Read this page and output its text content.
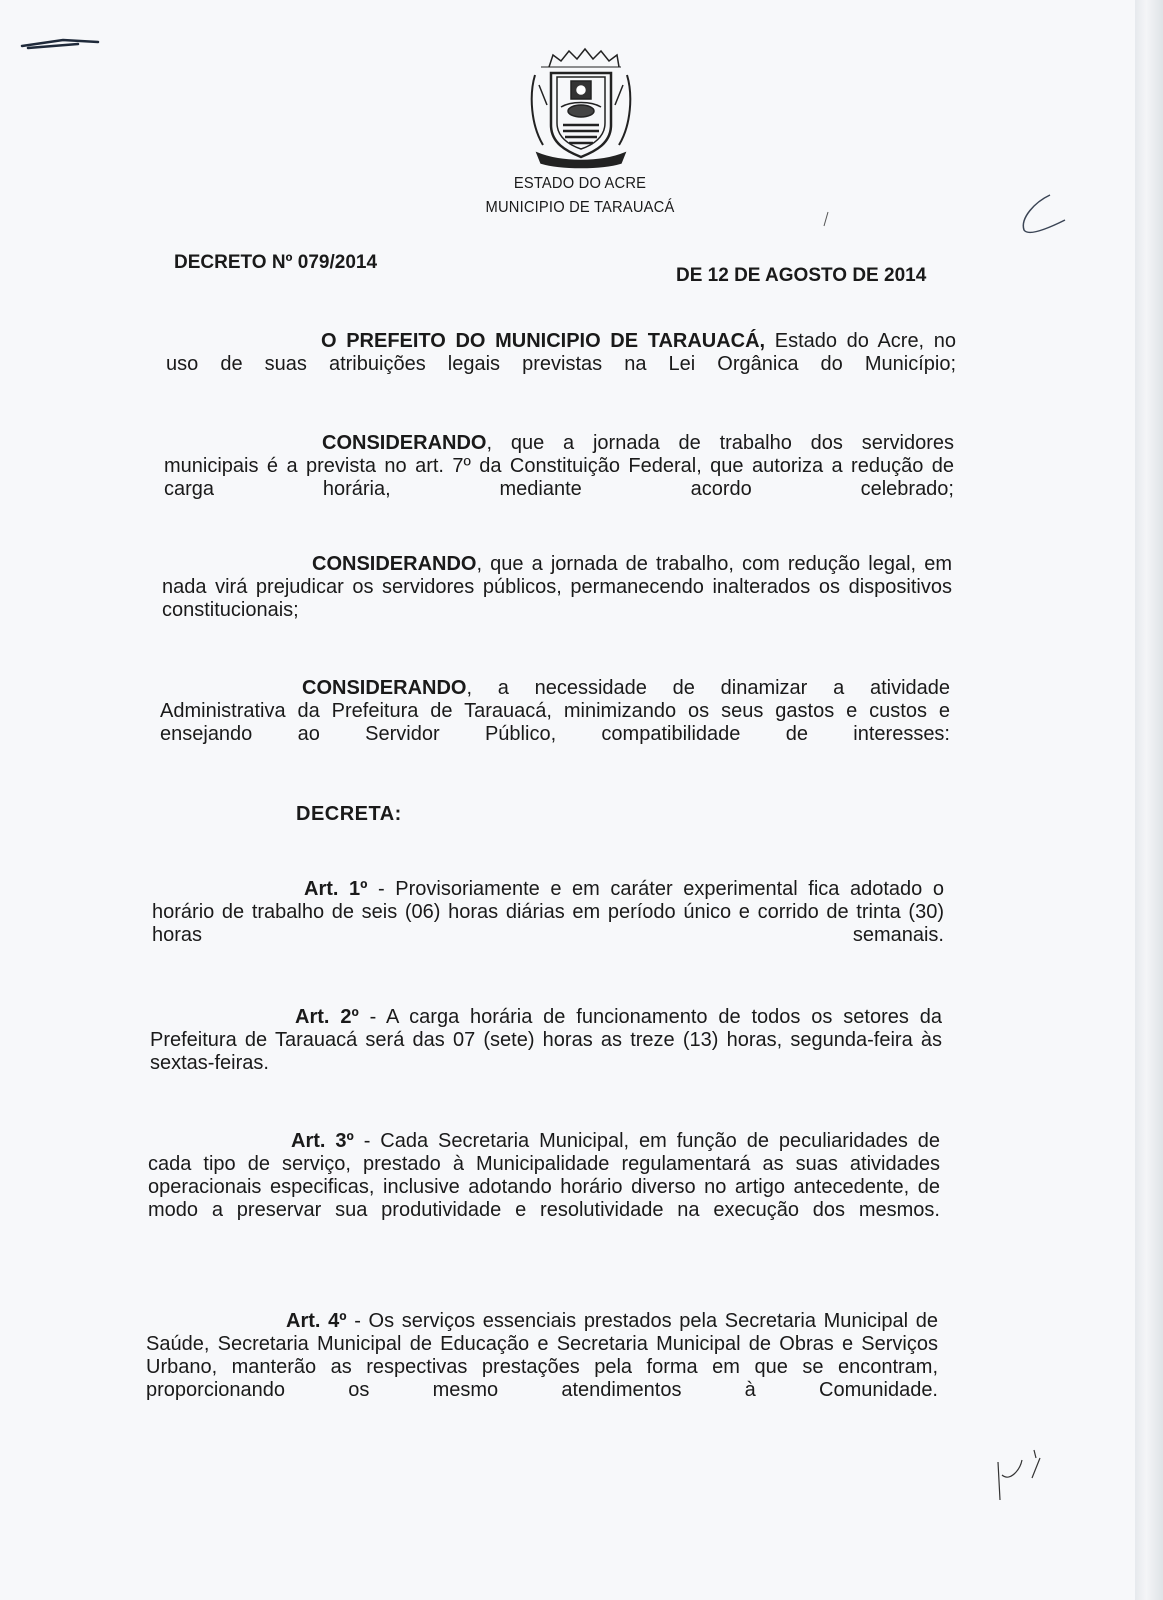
ESTADO DO ACRE
MUNICIPIO DE TARAUACÁ
DECRETO Nº 079/2014
DE 12 DE AGOSTO DE 2014

O PREFEITO DO MUNICIPIO DE TARAUACÁ, Estado do Acre, no uso de suas atribuições legais previstas na Lei Orgânica do Município;

CONSIDERANDO, que a jornada de trabalho dos servidores municipais é a prevista no art. 7º da Constituição Federal, que autoriza a redução de carga horária, mediante acordo celebrado;

CONSIDERANDO, que a jornada de trabalho, com redução legal, em nada virá prejudicar os servidores públicos, permanecendo inalterados os dispositivos constitucionais;

CONSIDERANDO, a necessidade de dinamizar a atividade Administrativa da Prefeitura de Tarauacá, minimizando os seus gastos e custos e ensejando ao Servidor Público, compatibilidade de interesses:

DECRETA:

Art. 1º - Provisoriamente e em caráter experimental fica adotado o horário de trabalho de seis (06) horas diárias em período único e corrido de trinta (30) horas semanais.

Art. 2º - A carga horária de funcionamento de todos os setores da Prefeitura de Tarauacá será das 07 (sete) horas as treze (13) horas, segunda-feira às sextas-feiras.

Art. 3º - Cada Secretaria Municipal, em função de peculiaridades de cada tipo de serviço, prestado à Municipalidade regulamentará as suas atividades operacionais especificas, inclusive adotando horário diverso no artigo antecedente, de modo a preservar sua produtividade e resolutividade na execução dos mesmos.

Art. 4º - Os serviços essenciais prestados pela Secretaria Municipal de Saúde, Secretaria Municipal de Educação e Secretaria Municipal de Obras e Serviços Urbano, manterão as respectivas prestações pela forma em que se encontram, proporcionando os mesmo atendimentos à Comunidade.
